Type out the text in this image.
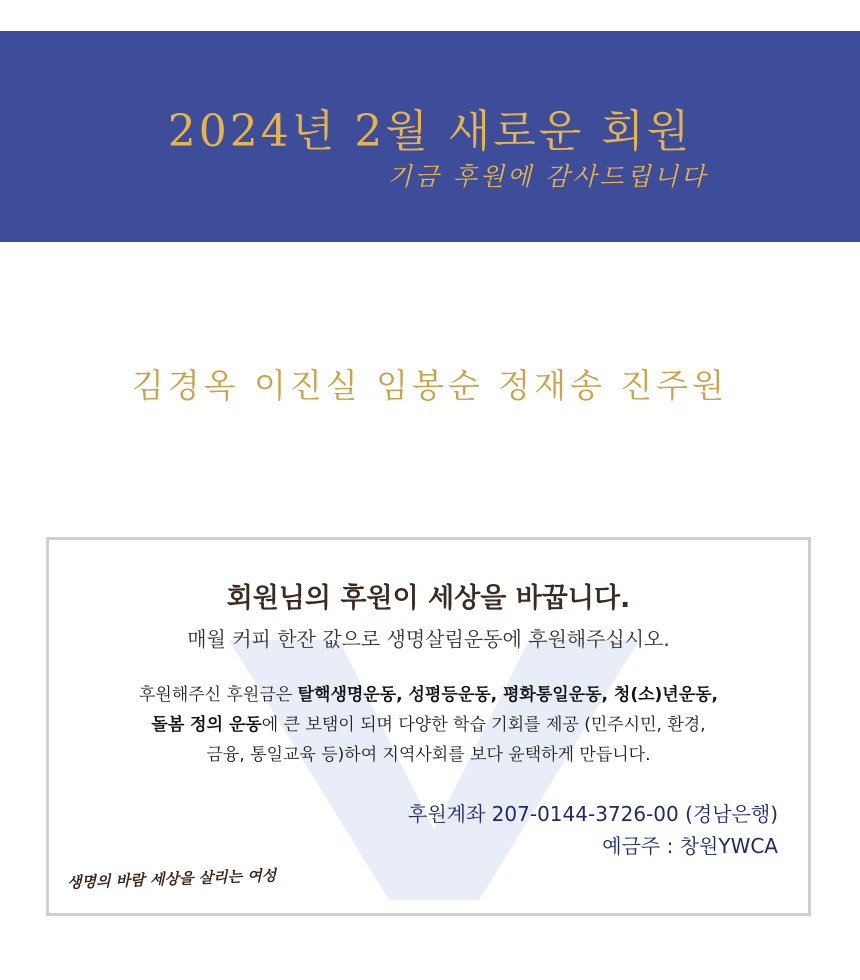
2024년 2월 새로운 회원
기금 후원에 감사드립니다
김경옥 이진실 임봉순 정재송 진주원
회원님의 후원이 세상을 바꿉니다.
매월 커피 한잔 값으로 생명살림운동에 후원해주십시오.
후원해주신 후원금은 탈핵생명운동, 성평등운동, 평화통일운동, 청(소)년운동,
돌봄 정의 운동에 큰 보탬이 되며 다양한 학습 기회를 제공 (민주시민, 환경,
금융, 통일교육 등)하여 지역사회를 보다 윤택하게 만듭니다.
후원계좌 207-0144-3726-00 (경남은행)
예금주 : 창원YWCA
생명의 바람 세상을 살리는 여성
